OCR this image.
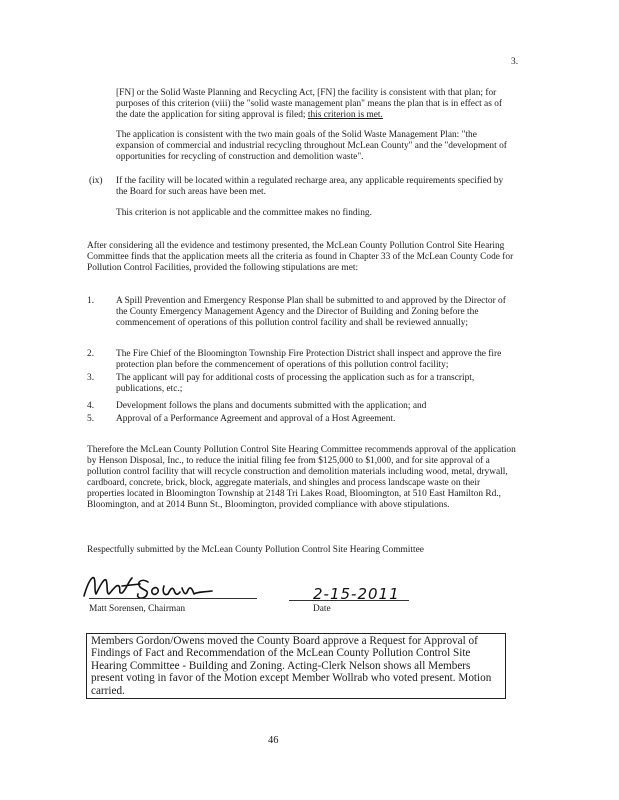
3.
[FN] or the Solid Waste Planning and Recycling Act, [FN] the facility is consistent with that plan; for purposes of this criterion (viii) the "solid waste management plan" means the plan that is in effect as of the date the application for siting approval is filed; this criterion is met.
The application is consistent with the two main goals of the Solid Waste Management Plan: "the expansion of commercial and industrial recycling throughout McLean County" and the "development of opportunities for recycling of construction and demolition waste".
(ix) If the facility will be located within a regulated recharge area, any applicable requirements specified by the Board for such areas have been met.
This criterion is not applicable and the committee makes no finding.
After considering all the evidence and testimony presented, the McLean County Pollution Control Site Hearing Committee finds that the application meets all the criteria as found in Chapter 33 of the McLean County Code for Pollution Control Facilities, provided the following stipulations are met:
1. A Spill Prevention and Emergency Response Plan shall be submitted to and approved by the Director of the County Emergency Management Agency and the Director of Building and Zoning before the commencement of operations of this pollution control facility and shall be reviewed annually;
2. The Fire Chief of the Bloomington Township Fire Protection District shall inspect and approve the fire protection plan before the commencement of operations of this pollution control facility;
3. The applicant will pay for additional costs of processing the application such as for a transcript, publications, etc.;
4. Development follows the plans and documents submitted with the application; and
5. Approval of a Performance Agreement and approval of a Host Agreement.
Therefore the McLean County Pollution Control Site Hearing Committee recommends approval of the application by Henson Disposal, Inc., to reduce the initial filing fee from $125,000 to $1,000, and for site approval of a pollution control facility that will recycle construction and demolition materials including wood, metal, drywall, cardboard, concrete, brick, block, aggregate materials, and shingles and process landscape waste on their properties located in Bloomington Township at 2148 Tri Lakes Road, Bloomington, at 510 East Hamilton Rd., Bloomington, and at 2014 Bunn St., Bloomington, provided compliance with above stipulations.
Respectfully submitted by the McLean County Pollution Control Site Hearing Committee
2-15-2011
Matt Sorensen, Chairman	Date
Members Gordon/Owens moved the County Board approve a Request for Approval of Findings of Fact and Recommendation of the McLean County Pollution Control Site Hearing Committee - Building and Zoning. Acting-Clerk Nelson shows all Members present voting in favor of the Motion except Member Wollrab who voted present. Motion carried.
46
